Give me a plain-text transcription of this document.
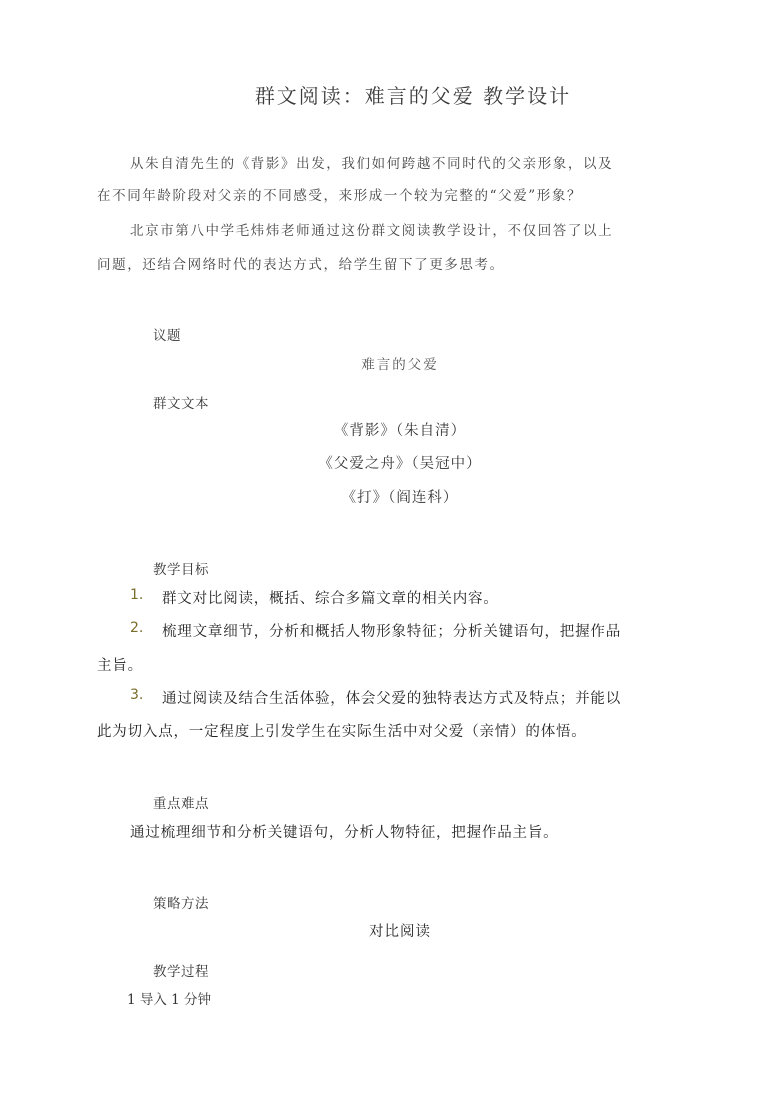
群文阅读：难言的父爱 教学设计
从朱自清先生的《背影》出发，我们如何跨越不同时代的父亲形象，以及
在不同年龄阶段对父亲的不同感受，来形成一个较为完整的“父爱”形象？
北京市第八中学毛炜炜老师通过这份群文阅读教学设计，不仅回答了以上
问题，还结合网络时代的表达方式，给学生留下了更多思考。
议题
难言的父爱
群文文本
《背影》（朱自清）
《父爱之舟》（吴冠中）
《打》（阎连科）
教学目标
1. 群文对比阅读，概括、综合多篇文章的相关内容。
2. 梳理文章细节，分析和概括人物形象特征；分析关键语句，把握作品
主旨。
3. 通过阅读及结合生活体验，体会父爱的独特表达方式及特点；并能以
此为切入点，一定程度上引发学生在实际生活中对父爱（亲情）的体悟。
重点难点
通过梳理细节和分析关键语句，分析人物特征，把握作品主旨。
策略方法
对比阅读
教学过程
1 导入 1 分钟
